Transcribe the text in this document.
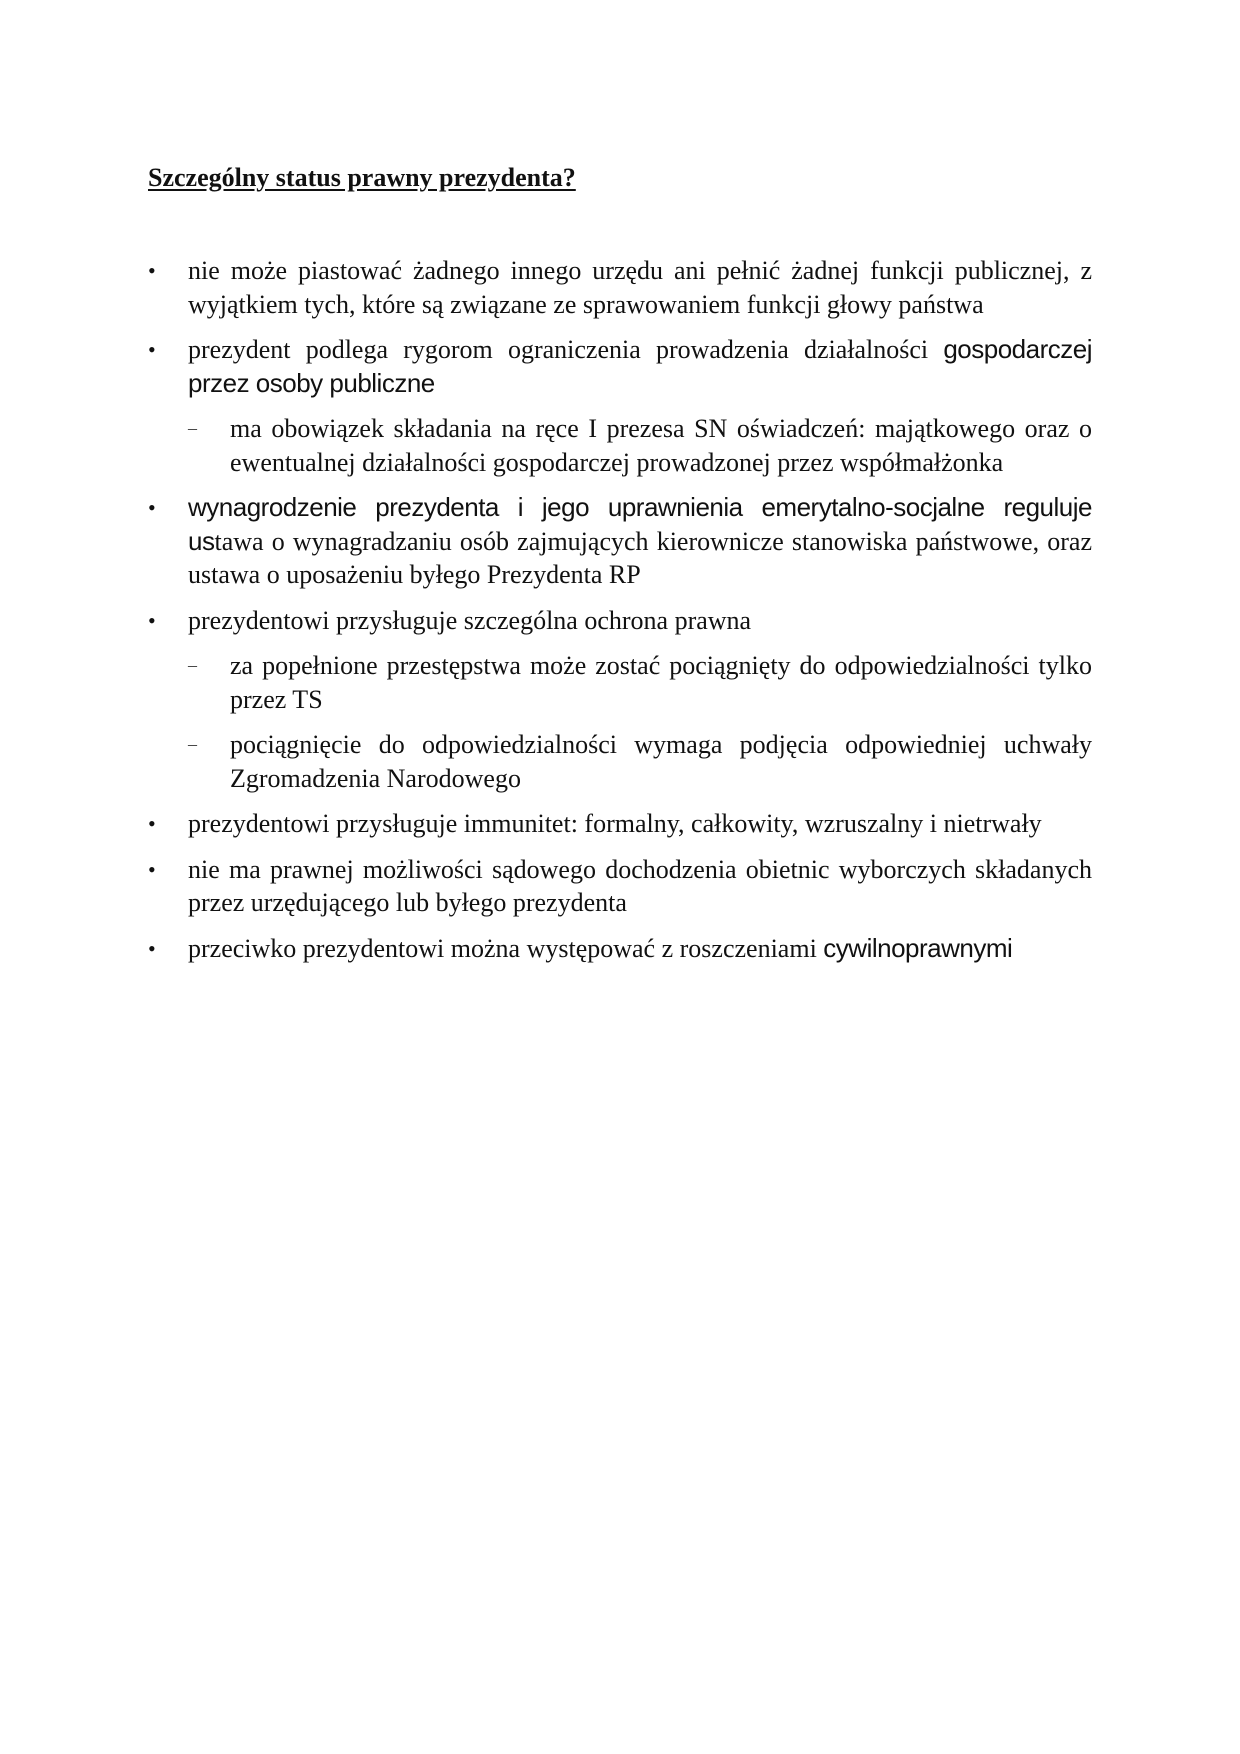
Szczególny status prawny prezydenta?
•	nie może piastować żadnego innego urzędu ani pełnić żadnej funkcji publicznej, z wyjątkiem tych, które są związane ze sprawowaniem funkcji głowy państwa
•	prezydent podlega rygorom ograniczenia prowadzenia działalności gospodarczej przez osoby publiczne
– ma obowiązek składania na ręce I prezesa SN oświadczeń: majątkowego oraz o ewentualnej działalności gospodarczej prowadzonej przez współmałżonka
•	wynagrodzenie prezydenta i jego uprawnienia emerytalno-socjalne reguluje ustawa o wynagradzaniu osób zajmujących kierownicze stanowiska państwowe, oraz ustawa o uposażeniu byłego Prezydenta RP
•	prezydentowi przysługuje szczególna ochrona prawna
– za popełnione przestępstwa może zostać pociągnięty do odpowiedzialności tylko przez TS
– pociągnięcie do odpowiedzialności wymaga podjęcia odpowiedniej uchwały Zgromadzenia Narodowego
•	prezydentowi przysługuje immunitet: formalny, całkowity, wzruszalny i nietrwały
•	nie ma prawnej możliwości sądowego dochodzenia obietnic wyborczych składanych przez urzędującego lub byłego prezydenta
•	przeciwko prezydentowi można występować z roszczeniami cywilnoprawnymi
